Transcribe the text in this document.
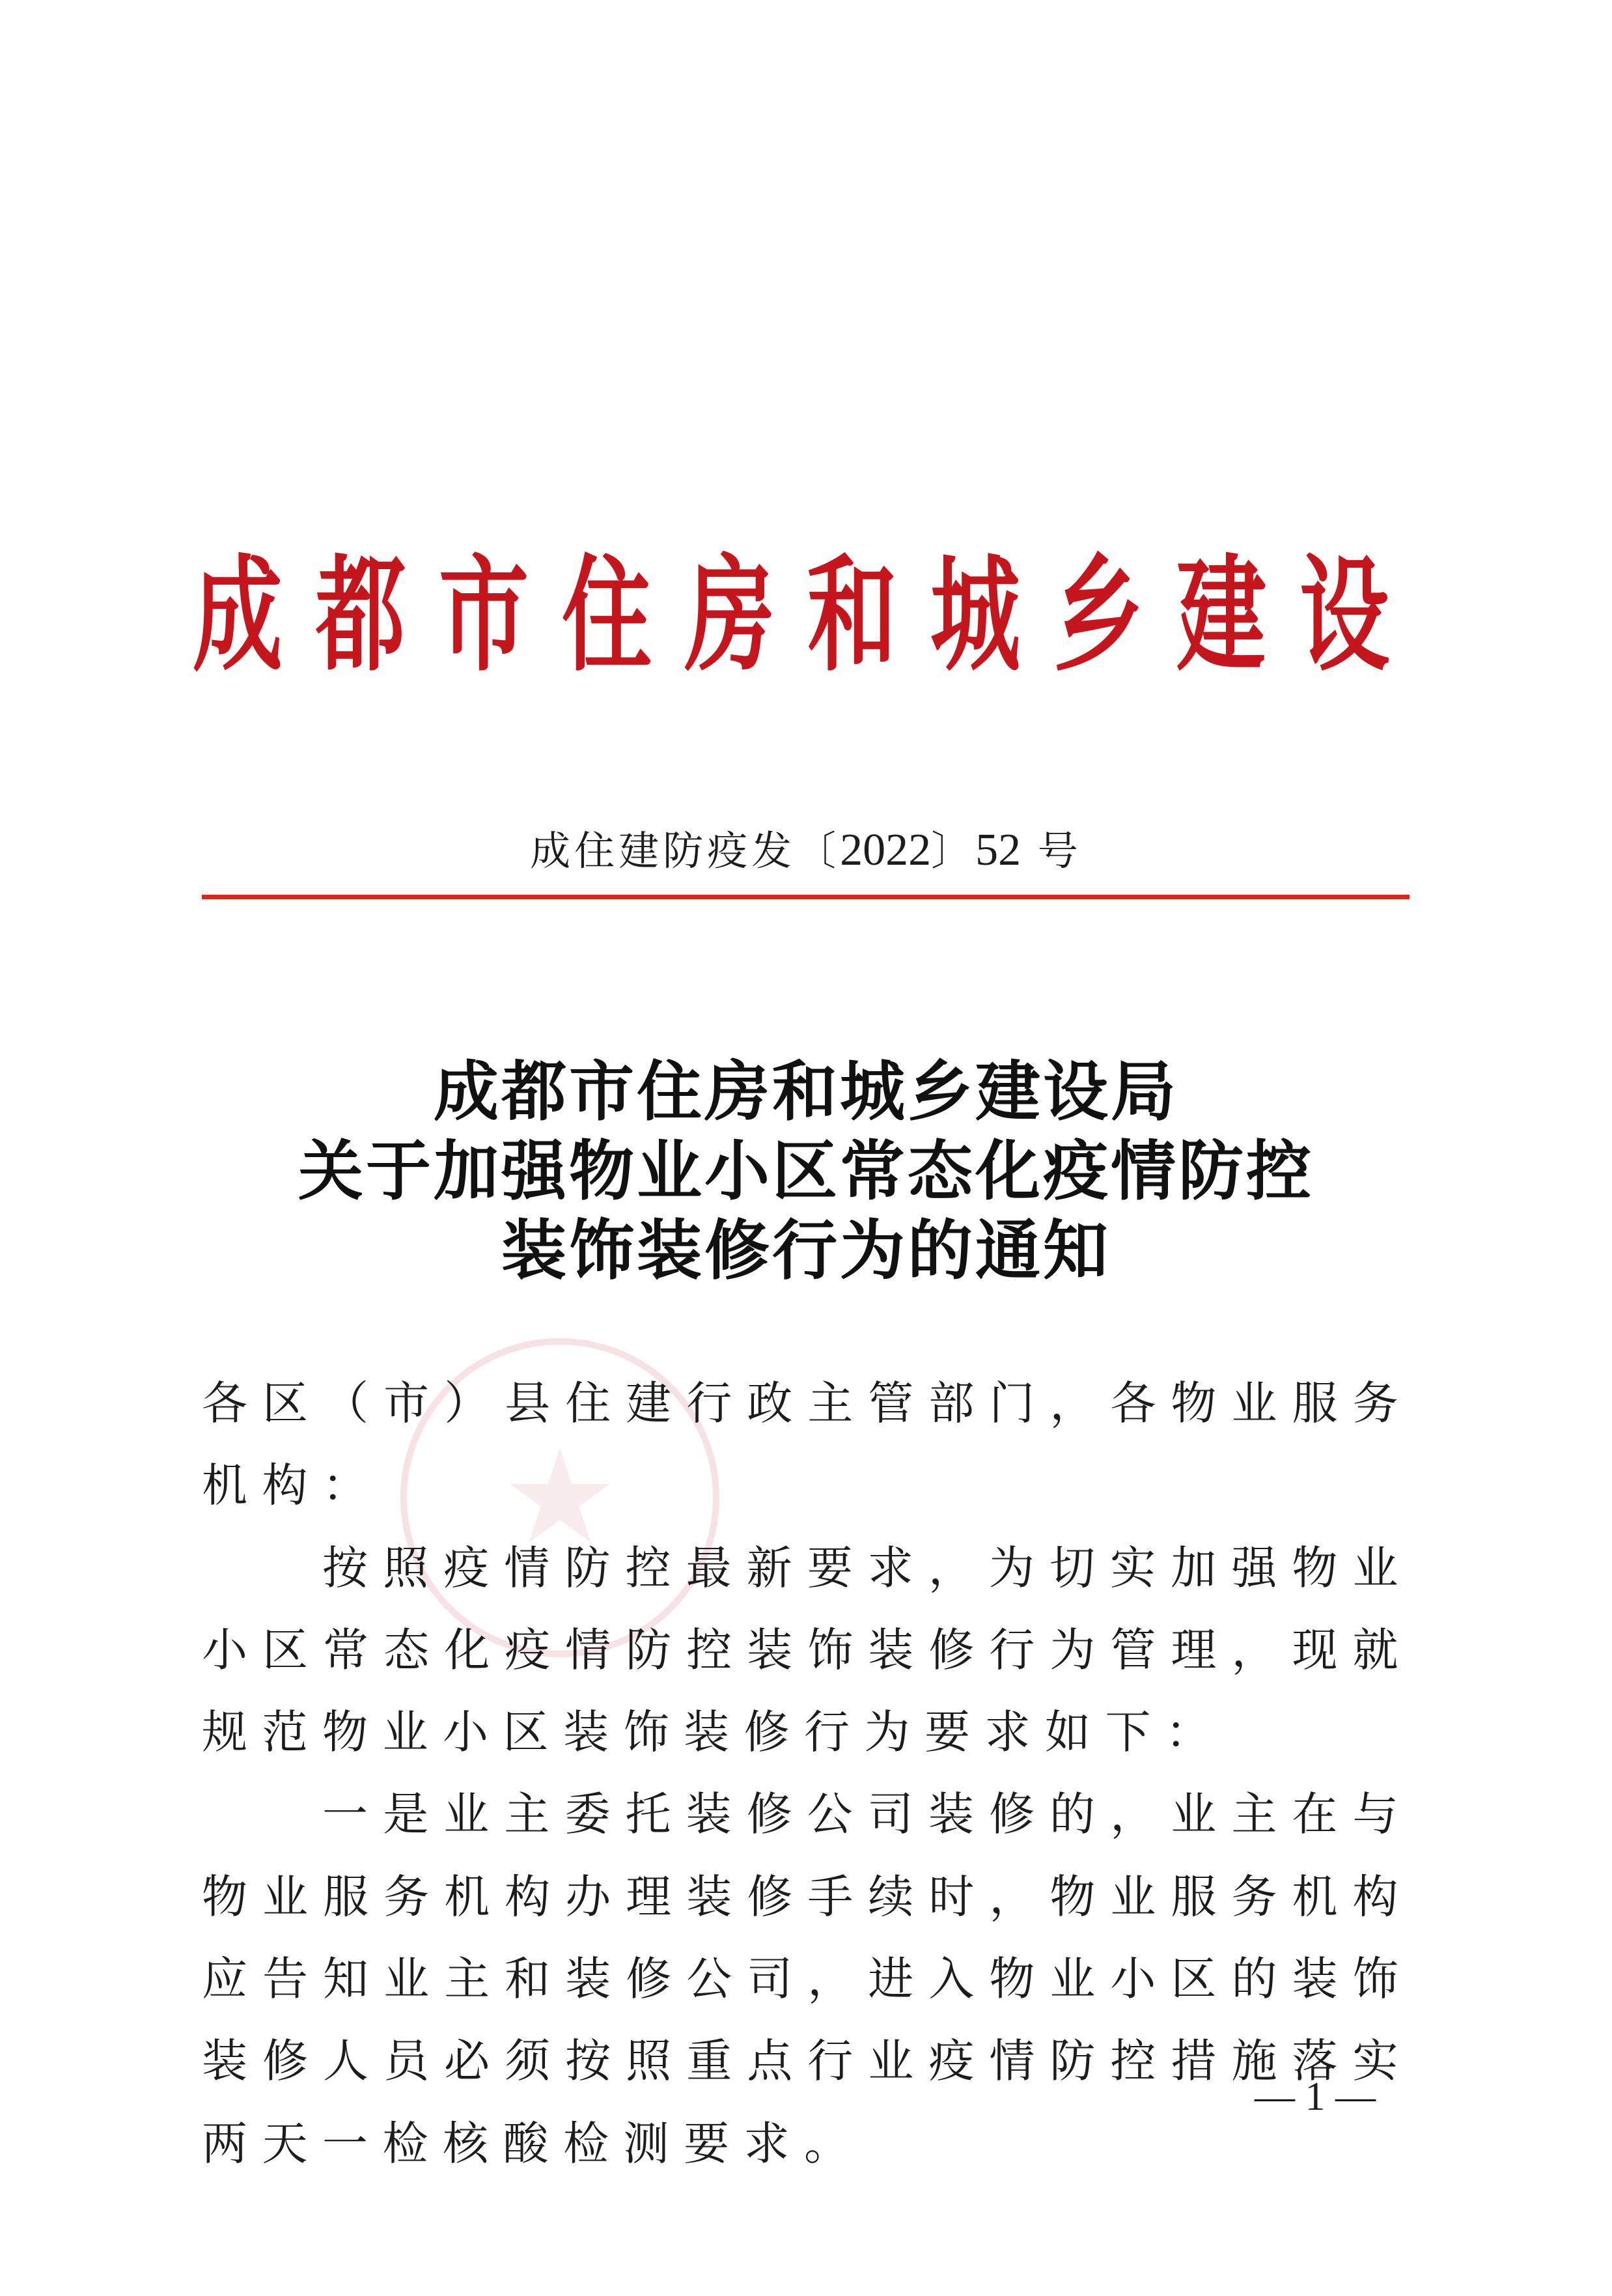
成 都 市 住 房 和 城 乡 建 设
成住建防疫发〔2022〕52 号
成都市住房和城乡建设局
关于加强物业小区常态化疫情防控
装饰装修行为的通知
★

各区（市）县住建行政主管部门，各物业服务机构：

按照疫情防控最新要求，为切实加强物业小区常态化疫情防控装饰装修行为管理，现就规范物业小区装饰装修行为要求如下：

一是业主委托装修公司装修的，业主在与物业服务机构办理装修手续时，物业服务机构应告知业主和装修公司，进入物业小区的装饰装修人员必须按照重点行业疫情防控措施落实两天一检核酸检测要求。

— 1 —
